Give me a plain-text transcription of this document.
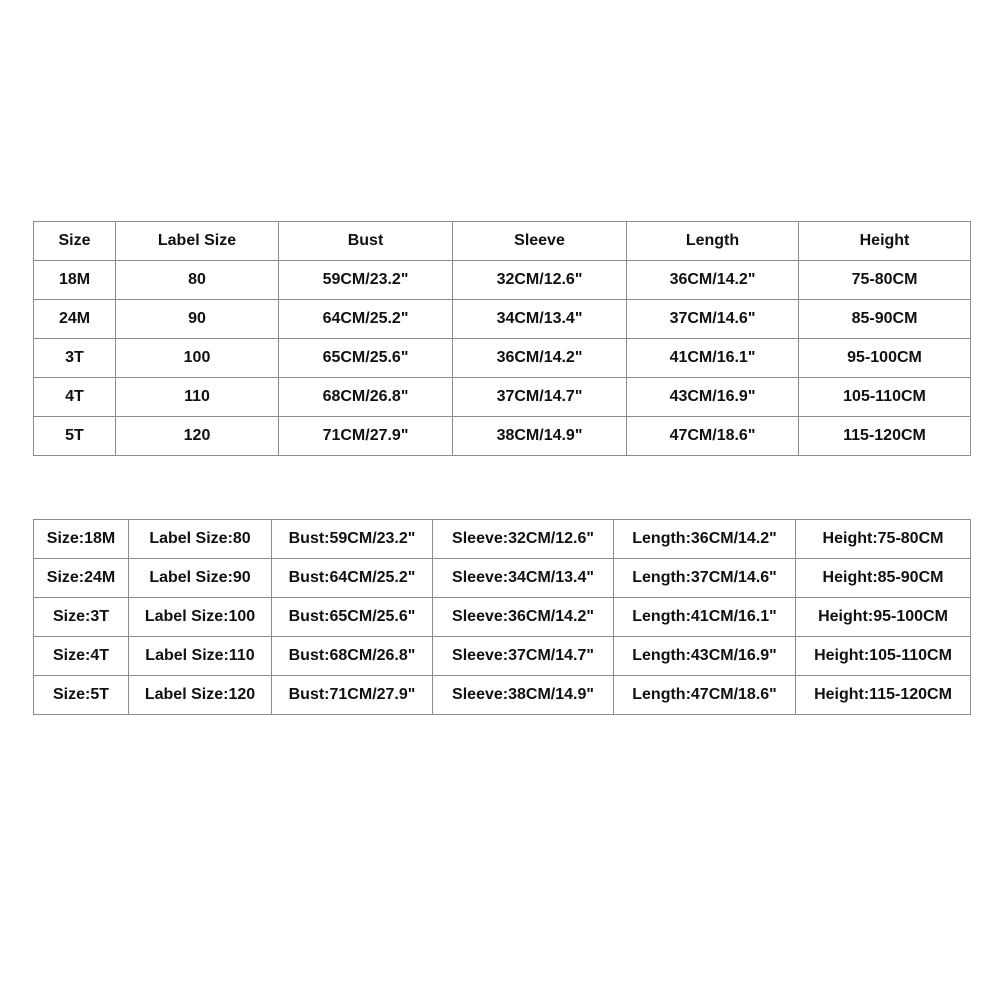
Size	Label Size	Bust	Sleeve	Length	Height
18M	80	59CM/23.2"	32CM/12.6"	36CM/14.2"	75-80CM
24M	90	64CM/25.2"	34CM/13.4"	37CM/14.6"	85-90CM
3T	100	65CM/25.6"	36CM/14.2"	41CM/16.1"	95-100CM
4T	110	68CM/26.8"	37CM/14.7"	43CM/16.9"	105-110CM
5T	120	71CM/27.9"	38CM/14.9"	47CM/18.6"	115-120CM
Size:18M	Label Size:80	Bust:59CM/23.2"	Sleeve:32CM/12.6"	Length:36CM/14.2"	Height:75-80CM
Size:24M	Label Size:90	Bust:64CM/25.2"	Sleeve:34CM/13.4"	Length:37CM/14.6"	Height:85-90CM
Size:3T	Label Size:100	Bust:65CM/25.6"	Sleeve:36CM/14.2"	Length:41CM/16.1"	Height:95-100CM
Size:4T	Label Size:110	Bust:68CM/26.8"	Sleeve:37CM/14.7"	Length:43CM/16.9"	Height:105-110CM
Size:5T	Label Size:120	Bust:71CM/27.9"	Sleeve:38CM/14.9"	Length:47CM/18.6"	Height:115-120CM
